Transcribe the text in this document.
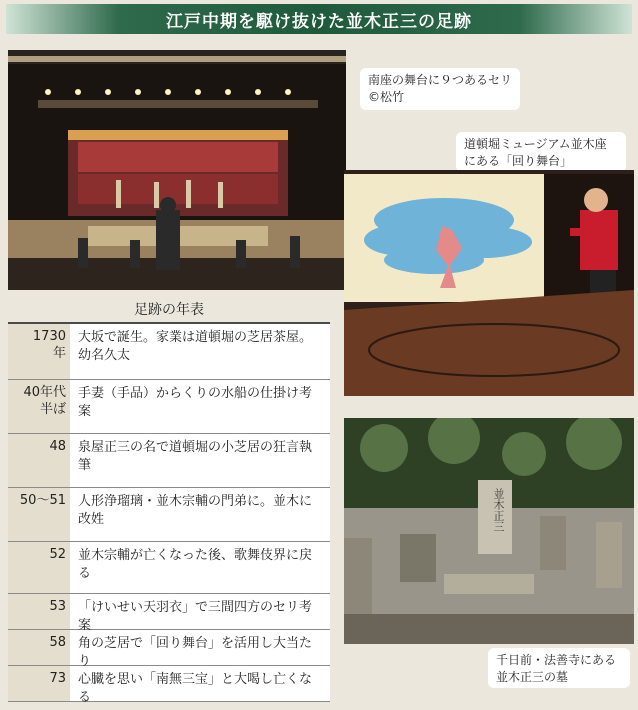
江戸中期を駆け抜けた並木正三の足跡
南座の舞台に９つあるセリ
©松竹
道頓堀ミュージアム並木座
にある「回り舞台」
並木正三
千日前・法善寺にある
並木正三の墓
足跡の年表
1730
年
大坂で誕生。家業は道頓堀の芝居茶屋。幼名久太
40年代
半ば
手妻（手品）からくりの水船の仕掛け考案
48 泉屋正三の名で道頓堀の小芝居の狂言執筆
50～51 人形浄瑠璃・並木宗輔の門弟に。並木に改姓
52 並木宗輔が亡くなった後、歌舞伎界に戻る
53 「けいせい天羽衣」で三間四方のセリ考案
58 角の芝居で「回り舞台」を活用し大当たり
73 心臓を思い「南無三宝」と大喝し亡くなる
